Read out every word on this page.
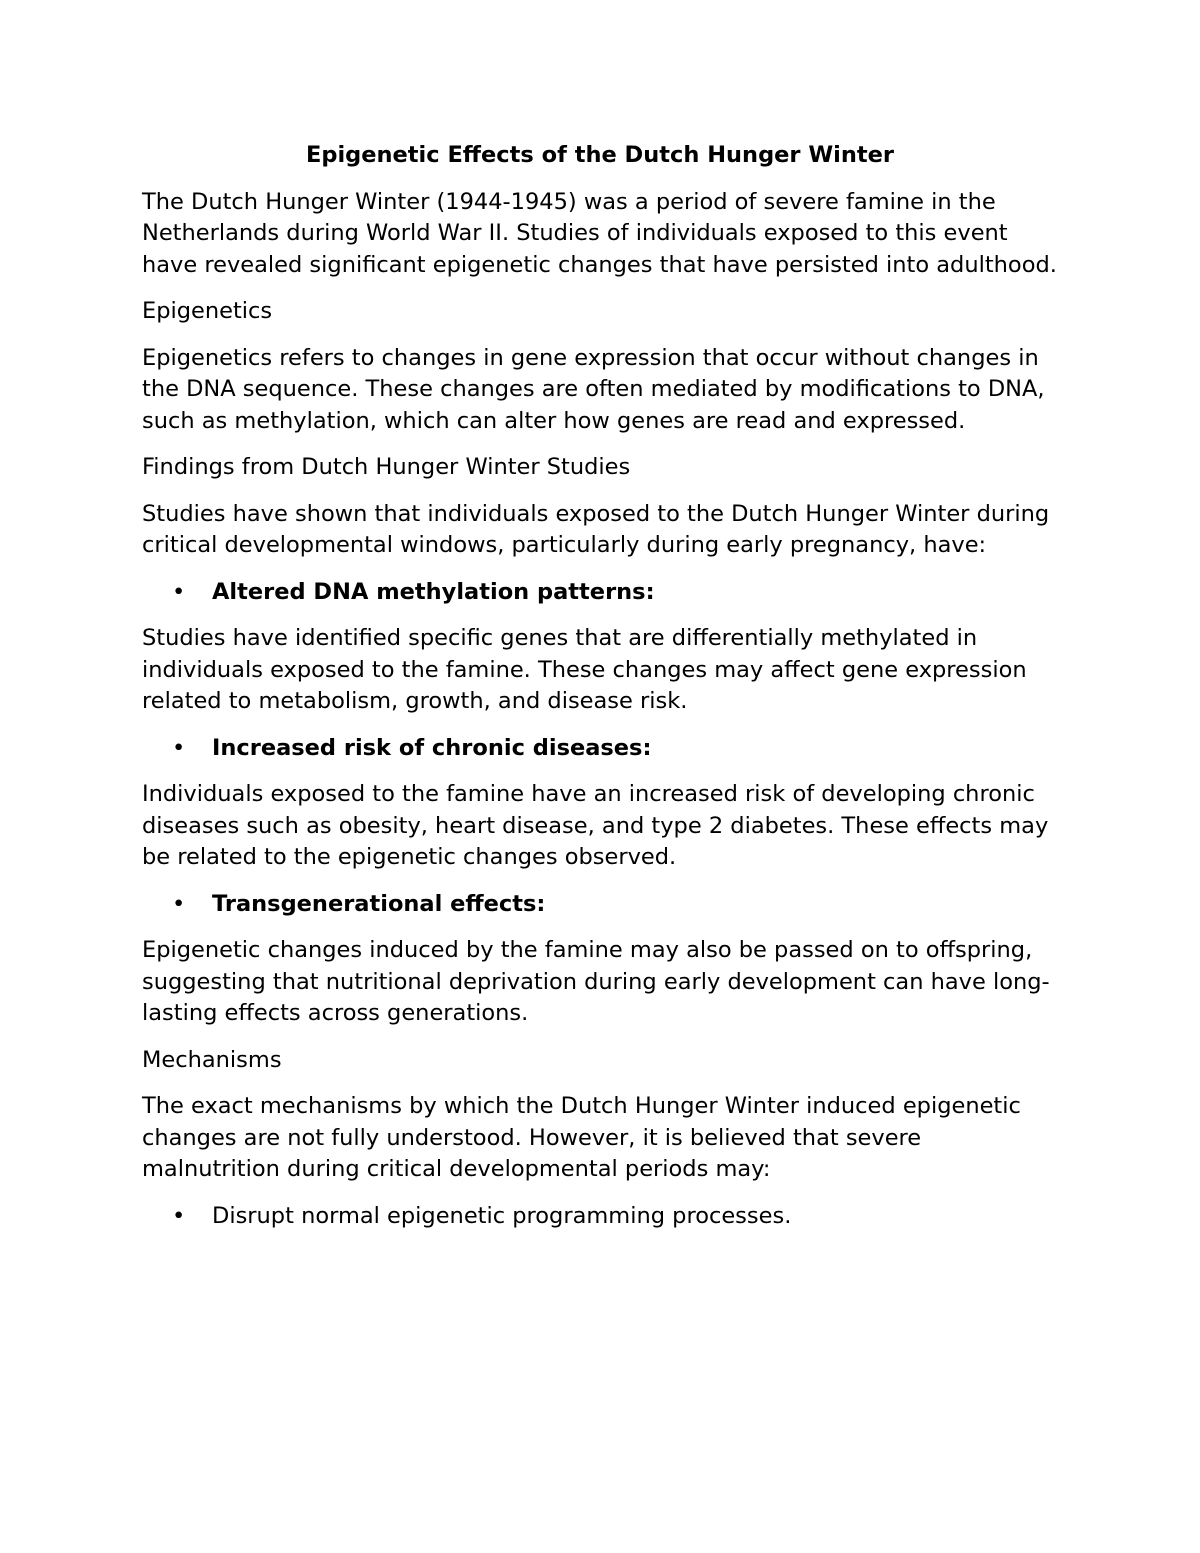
Epigenetic Effects of the Dutch Hunger Winter
The Dutch Hunger Winter (1944-1945) was a period of severe famine in the Netherlands during World War II. Studies of individuals exposed to this event have revealed significant epigenetic changes that have persisted into adulthood.
Epigenetics
Epigenetics refers to changes in gene expression that occur without changes in the DNA sequence. These changes are often mediated by modifications to DNA, such as methylation, which can alter how genes are read and expressed.
Findings from Dutch Hunger Winter Studies
Studies have shown that individuals exposed to the Dutch Hunger Winter during critical developmental windows, particularly during early pregnancy, have:
• Altered DNA methylation patterns:
Studies have identified specific genes that are differentially methylated in individuals exposed to the famine. These changes may affect gene expression related to metabolism, growth, and disease risk.
• Increased risk of chronic diseases:
Individuals exposed to the famine have an increased risk of developing chronic diseases such as obesity, heart disease, and type 2 diabetes. These effects may be related to the epigenetic changes observed.
• Transgenerational effects:
Epigenetic changes induced by the famine may also be passed on to offspring, suggesting that nutritional deprivation during early development can have long-lasting effects across generations.
Mechanisms
The exact mechanisms by which the Dutch Hunger Winter induced epigenetic changes are not fully understood. However, it is believed that severe malnutrition during critical developmental periods may:
• Disrupt normal epigenetic programming processes.
